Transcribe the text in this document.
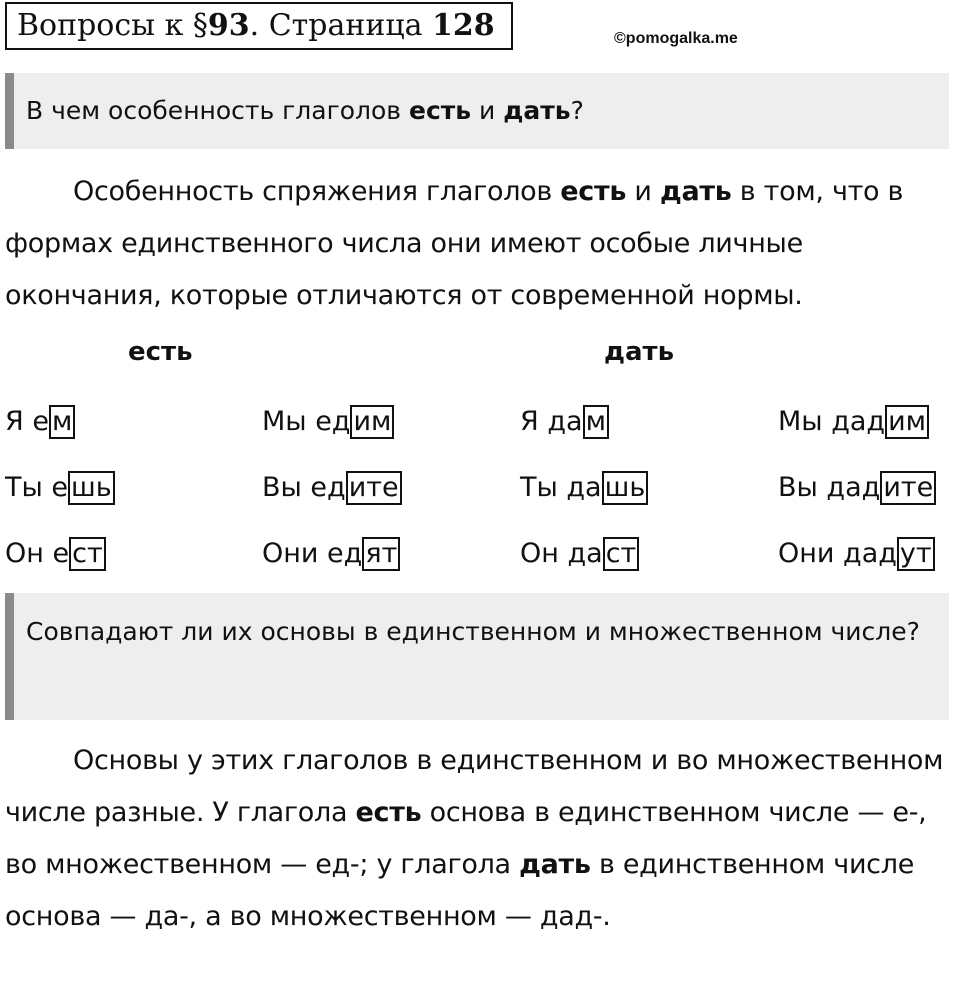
Вопросы к §93. Страница 128	©pomogalka.me
В чем особенность глаголов есть и дать?
Особенность спряжения глаголов есть и дать в том, что в формах единственного числа они имеют особые личные окончания, которые отличаются от современной нормы.
есть	дать
Я е м	Мы ед им	Я да м	Мы дад им
Ты е шь	Вы ед ите	Ты да шь	Вы дад ите
Он е ст	Они ед ят	Он да ст	Они дад ут
Совпадают ли их основы в единственном и множественном числе?
Основы у этих глаголов в единственном и во множественном числе разные. У глагола есть основа в единственном числе — е-, во множественном — ед-; у глагола дать в единственном числе основа — да-, а во множественном — дад-.
